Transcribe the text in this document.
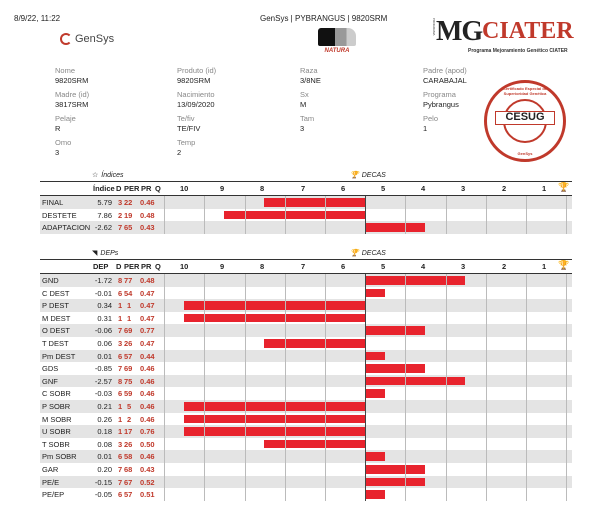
8/9/22, 11:22	GenSys | PYBRANGUS | 9820SRM
GenSys
NATURA
PROGRAMA MG CIATER
Programa Mejoramiento Genético CIATER
Certificado Especial de Superioridad Genética
CESUG
GenSys
Nome
9820SRM
Produto (id)
9820SRM
Raza
3/8NE
Padre (apod)
CARABAJAL
Madre (id)
3817SRM
Nacimiento
13/09/2020
Sx
M
Programa
Pybrangus
Pelaje
R
Te/fiv
TE/FIV
Tam
3
Pelo
1
Omo
3
Temp
2
☆ Índices	🏆 DECAS
Índice D PER PR Q	10	9	8	7	6	5	4	3	2	1 🏆
FINAL	5.79 3 22 0.46
DESTETE	7.86 2 19 0.48
ADAPTACION -2.62 7 65 0.43
◥ DEPs	🏆 DECAS
DEP D PER PR Q	10	9	8	7	6	5	4	3	2	1 🏆
GND	-1.72 8 77 0.48
C DEST	-0.01 6 54 0.47
P DEST	0.34 1 1 0.47
M DEST	0.31 1 1 0.47
O DEST	-0.06 7 69 0.77
T DEST	0.06 3 26 0.47
Pm DEST	0.01 6 57 0.44
GDS	-0.85 7 69 0.46
GNF	-2.57 8 75 0.46
C SOBR	-0.03 6 59 0.46
P SOBR	0.21 1 5 0.46
M SOBR	0.26 1 2 0.46
U SOBR	0.18 1 17 0.76
T SOBR	0.08 3 26 0.50
Pm SOBR	0.01 6 58 0.46
GAR	0.20 7 68 0.43
PE/E	-0.15 7 67 0.52
PE/EP	-0.05 6 57 0.51
